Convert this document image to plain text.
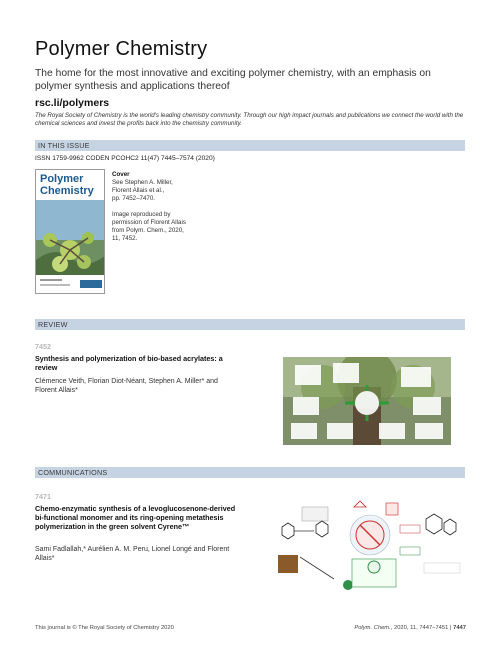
Polymer Chemistry
The home for the most innovative and exciting polymer chemistry, with an emphasis on polymer synthesis and applications thereof
rsc.li/polymers
The Royal Society of Chemistry is the world's leading chemistry community. Through our high impact journals and publications we connect the world with the chemical sciences and invest the profits back into the chemistry community.
IN THIS ISSUE
ISSN 1759-9962 CODEN PCOHC2 11(47) 7445–7574 (2020)
Polymer
Chemistry
Cover
See Stephen A. Miller,
Florent Allais et al.,
pp. 7452–7470.
Image reproduced by
permission of Florent Allais
from Polym. Chem., 2020,
11, 7452.
REVIEW
7452
Synthesis and polymerization of bio-based acrylates: a review
Clémence Veith, Florian Diot-Néant, Stephen A. Miller* and Florent Allais*
COMMUNICATIONS
7471
Chemo-enzymatic synthesis of a levoglucosenone-derived bi-functional monomer and its ring-opening metathesis polymerization in the green solvent Cyrene™
Sami Fadlallah,* Aurélien A. M. Peru, Lionel Longé and Florent Allais*
This journal is © The Royal Society of Chemistry 2020	Polym. Chem., 2020, 11, 7447–7451 | 7447
